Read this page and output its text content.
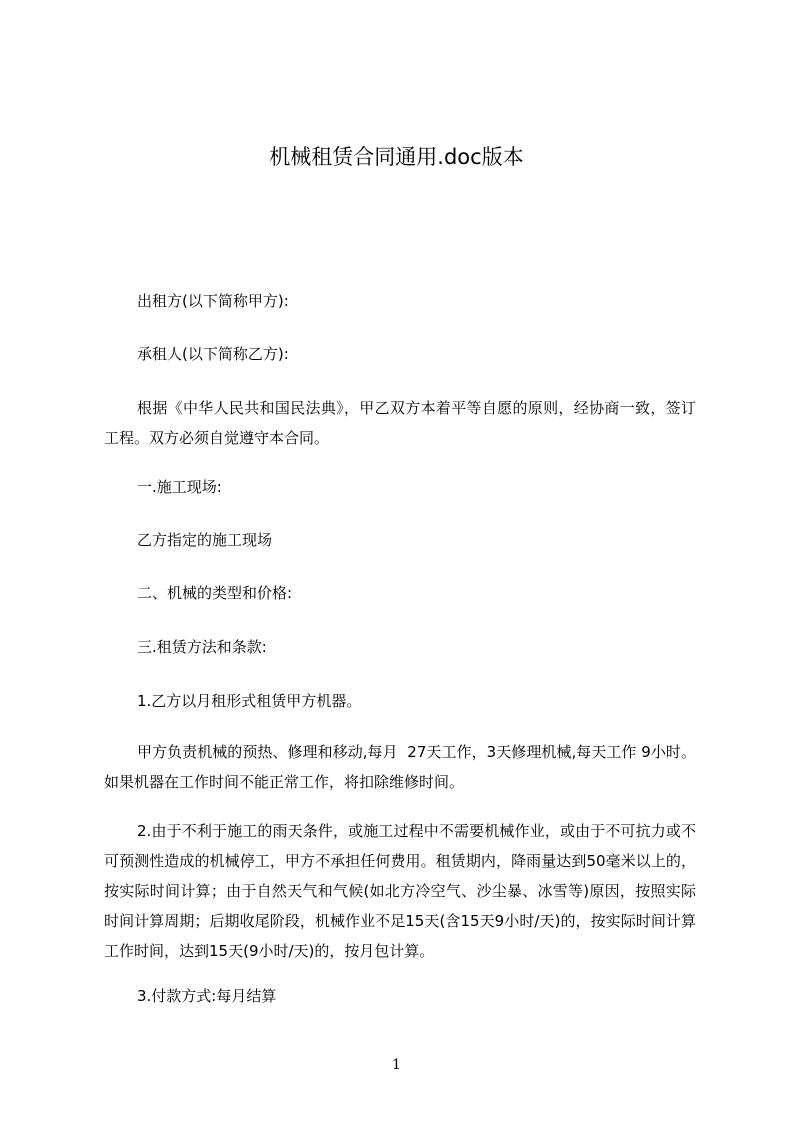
机械租赁合同通用.doc版本

出租方(以下简称甲方):

承租人(以下简称乙方):

根据《中华人民共和国民法典》，甲乙双方本着平等自愿的原则，经协商一致，签订工程。双方必须自觉遵守本合同。

一.施工现场:

乙方指定的施工现场

二、机械的类型和价格:

三.租赁方法和条款:

1.乙方以月租形式租赁甲方机器。

甲方负责机械的预热、修理和移动,每月  27天工作，3天修理机械,每天工作 9小时。如果机器在工作时间不能正常工作，将扣除维修时间。

2.由于不利于施工的雨天条件，或施工过程中不需要机械作业，或由于不可抗力或不可预测性造成的机械停工，甲方不承担任何费用。租赁期内，降雨量达到50毫米以上的，按实际时间计算；由于自然天气和气候(如北方冷空气、沙尘暴、冰雪等)原因，按照实际时间计算周期；后期收尾阶段，机械作业不足15天(含15天9小时/天)的，按实际时间计算工作时间，达到15天(9小时/天)的，按月包计算。

3.付款方式:每月结算

1
